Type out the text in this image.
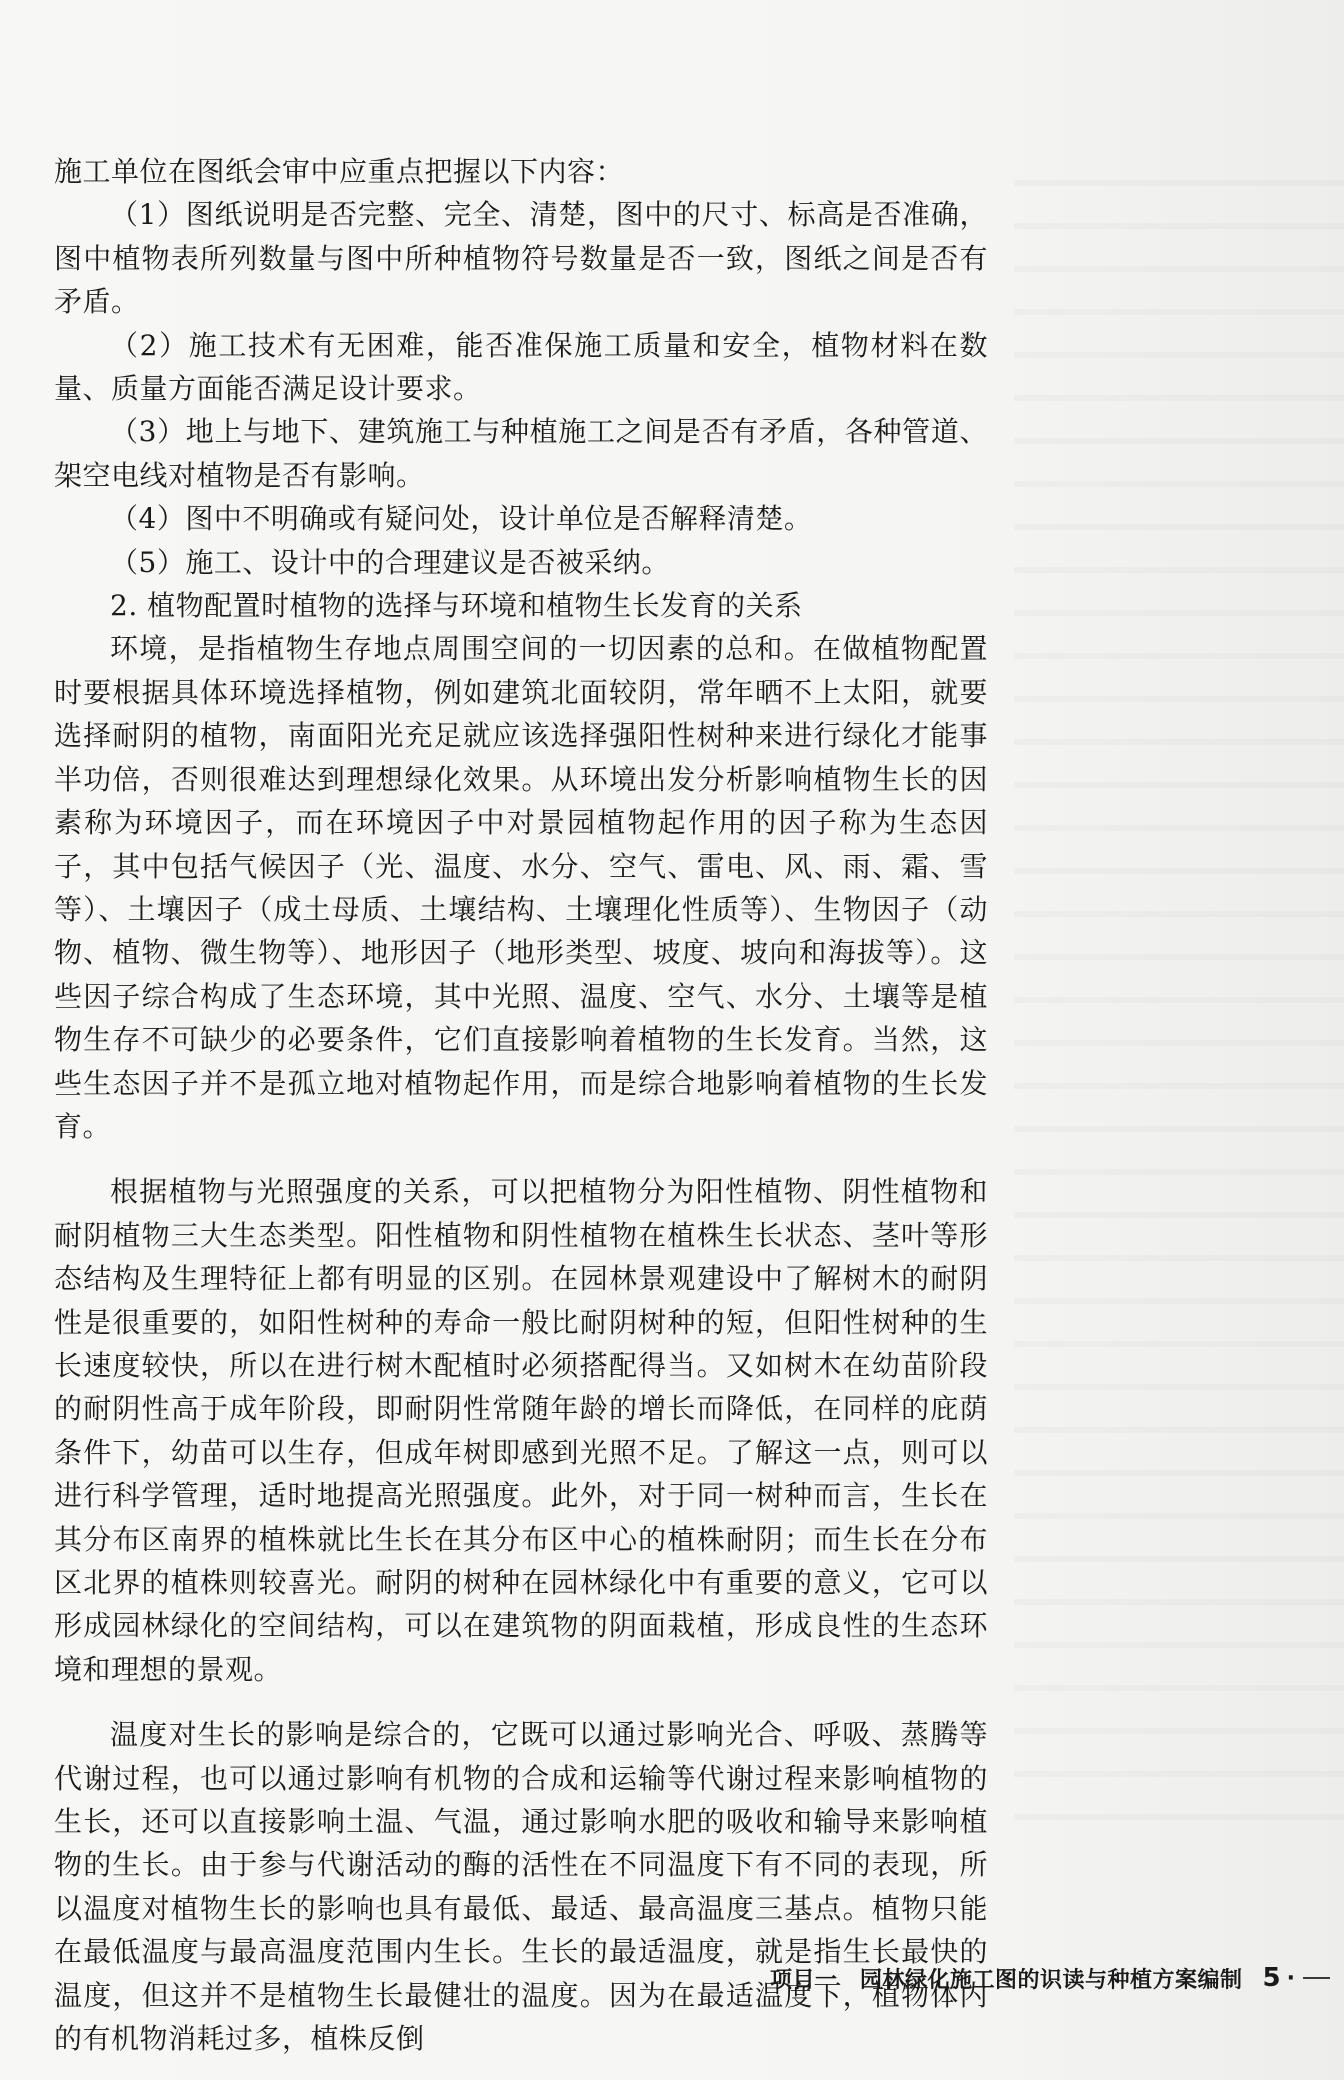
施工单位在图纸会审中应重点把握以下内容：

（1）图纸说明是否完整、完全、清楚，图中的尺寸、标高是否准确，图中植物表所列数量与图中所种植物符号数量是否一致，图纸之间是否有矛盾。

（2）施工技术有无困难，能否准保施工质量和安全，植物材料在数量、质量方面能否满足设计要求。

（3）地上与地下、建筑施工与种植施工之间是否有矛盾，各种管道、架空电线对植物是否有影响。

（4）图中不明确或有疑问处，设计单位是否解释清楚。

（5）施工、设计中的合理建议是否被采纳。

2. 植物配置时植物的选择与环境和植物生长发育的关系

环境，是指植物生存地点周围空间的一切因素的总和。在做植物配置时要根据具体环境选择植物，例如建筑北面较阴，常年晒不上太阳，就要选择耐阴的植物，南面阳光充足就应该选择强阳性树种来进行绿化才能事半功倍，否则很难达到理想绿化效果。从环境出发分析影响植物生长的因素称为环境因子，而在环境因子中对景园植物起作用的因子称为生态因子，其中包括气候因子（光、温度、水分、空气、雷电、风、雨、霜、雪等）、土壤因子（成土母质、土壤结构、土壤理化性质等）、生物因子（动物、植物、微生物等）、地形因子（地形类型、坡度、坡向和海拔等）。这些因子综合构成了生态环境，其中光照、温度、空气、水分、土壤等是植物生存不可缺少的必要条件，它们直接影响着植物的生长发育。当然，这些生态因子并不是孤立地对植物起作用，而是综合地影响着植物的生长发育。

根据植物与光照强度的关系，可以把植物分为阳性植物、阴性植物和耐阴植物三大生态类型。阳性植物和阴性植物在植株生长状态、茎叶等形态结构及生理特征上都有明显的区别。在园林景观建设中了解树木的耐阴性是很重要的，如阳性树种的寿命一般比耐阴树种的短，但阳性树种的生长速度较快，所以在进行树木配植时必须搭配得当。又如树木在幼苗阶段的耐阴性高于成年阶段，即耐阴性常随年龄的增长而降低，在同样的庇荫条件下，幼苗可以生存，但成年树即感到光照不足。了解这一点，则可以进行科学管理，适时地提高光照强度。此外，对于同一树种而言，生长在其分布区南界的植株就比生长在其分布区中心的植株耐阴；而生长在分布区北界的植株则较喜光。耐阴的树种在园林绿化中有重要的意义，它可以形成园林绿化的空间结构，可以在建筑物的阴面栽植，形成良性的生态环境和理想的景观。

温度对生长的影响是综合的，它既可以通过影响光合、呼吸、蒸腾等代谢过程，也可以通过影响有机物的合成和运输等代谢过程来影响植物的生长，还可以直接影响土温、气温，通过影响水肥的吸收和输导来影响植物的生长。由于参与代谢活动的酶的活性在不同温度下有不同的表现，所以温度对植物生长的影响也具有最低、最适、最高温度三基点。植物只能在最低温度与最高温度范围内生长。生长的最适温度，就是指生长最快的温度，但这并不是植物生长最健壮的温度。因为在最适温度下，植物体内的有机物消耗过多，植株反倒

项目一　园林绿化施工图的识读与种植方案编制 5 ·
